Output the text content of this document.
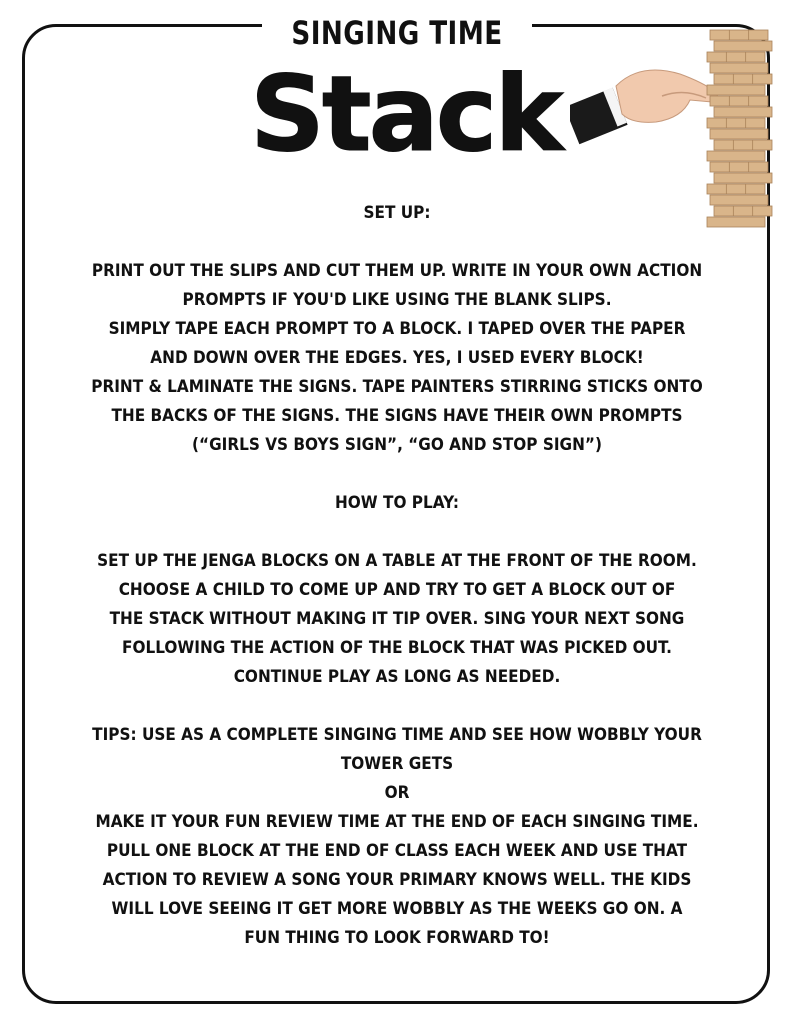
SINGING TIME
Stack
SET UP:
PRINT OUT THE SLIPS AND CUT THEM UP. WRITE IN YOUR OWN ACTION
PROMPTS IF YOU'D LIKE USING THE BLANK SLIPS.
SIMPLY TAPE EACH PROMPT TO A BLOCK. I TAPED OVER THE PAPER
AND DOWN OVER THE EDGES. YES, I USED EVERY BLOCK!
PRINT & LAMINATE THE SIGNS. TAPE PAINTERS STIRRING STICKS ONTO
THE BACKS OF THE SIGNS. THE SIGNS HAVE THEIR OWN PROMPTS
(“GIRLS VS BOYS SIGN”, “GO AND STOP SIGN”)
HOW TO PLAY:
SET UP THE JENGA BLOCKS ON A TABLE AT THE FRONT OF THE ROOM.
CHOOSE A CHILD TO COME UP AND TRY TO GET A BLOCK OUT OF
THE STACK WITHOUT MAKING IT TIP OVER. SING YOUR NEXT SONG
FOLLOWING THE ACTION OF THE BLOCK THAT WAS PICKED OUT.
CONTINUE PLAY AS LONG AS NEEDED.
TIPS: USE AS A COMPLETE SINGING TIME AND SEE HOW WOBBLY YOUR
TOWER GETS
OR
MAKE IT YOUR FUN REVIEW TIME AT THE END OF EACH SINGING TIME.
PULL ONE BLOCK AT THE END OF CLASS EACH WEEK AND USE THAT
ACTION TO REVIEW A SONG YOUR PRIMARY KNOWS WELL. THE KIDS
WILL LOVE SEEING IT GET MORE WOBBLY AS THE WEEKS GO ON. A
FUN THING TO LOOK FORWARD TO!
